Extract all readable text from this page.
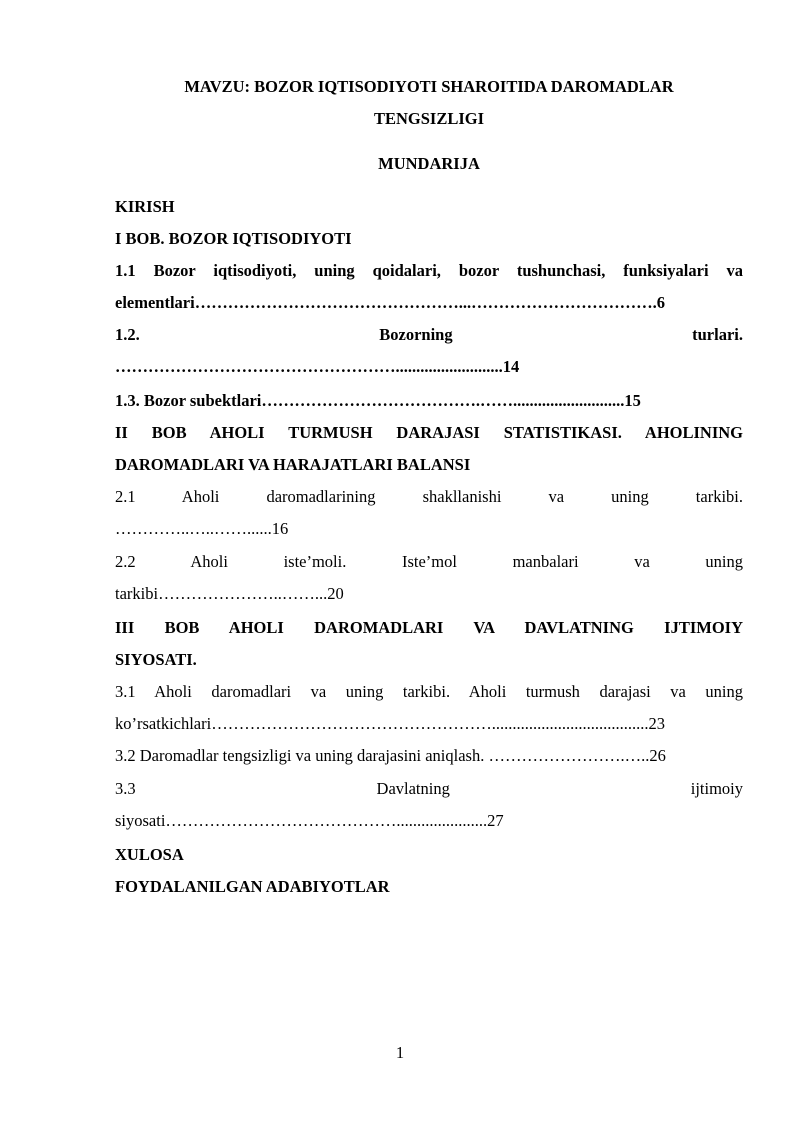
MAVZU: BOZOR IQTISODIYOTI SHAROITIDA DAROMADLAR
TENGSIZLIGI
MUNDARIJA
KIRISH
I BOB. BOZOR IQTISODIYOTI
1.1 Bozor iqtisodiyoti, uning qoidalari, bozor tushunchasi, funksiyalari va
elementlari…………………………………………...…………………………….6
1.2. Bozorning turlari.
……………………………………………..........................14
1.3. Bozor subektlari………………………………….……...........................15
II BOB AHOLI TURMUSH DARAJASI STATISTIKASI. AHOLINING
DAROMADLARI VA HARAJATLARI BALANSI
2.1 Aholi daromadlarining shakllanishi va uning tarkibi.
…………..…..……......16
2.2 Aholi iste’moli. Iste’mol manbalari va uning
tarkibi…………………..……...20
III BOB AHOLI DAROMADLARI VA DAVLATNING IJTIMOIY
SIYOSATI.
3.1 Aholi daromadlari va uning tarkibi. Aholi turmush darajasi va uning
ko’rsatkichlari……………………………………………......................................23
3.2 Daromadlar tengsizligi va uning darajasini aniqlash. …………………….…..26
3.3 Davlatning ijtimoiy
siyosati……………………………………......................27
XULOSA
FOYDALANILGAN ADABIYOTLAR
1
